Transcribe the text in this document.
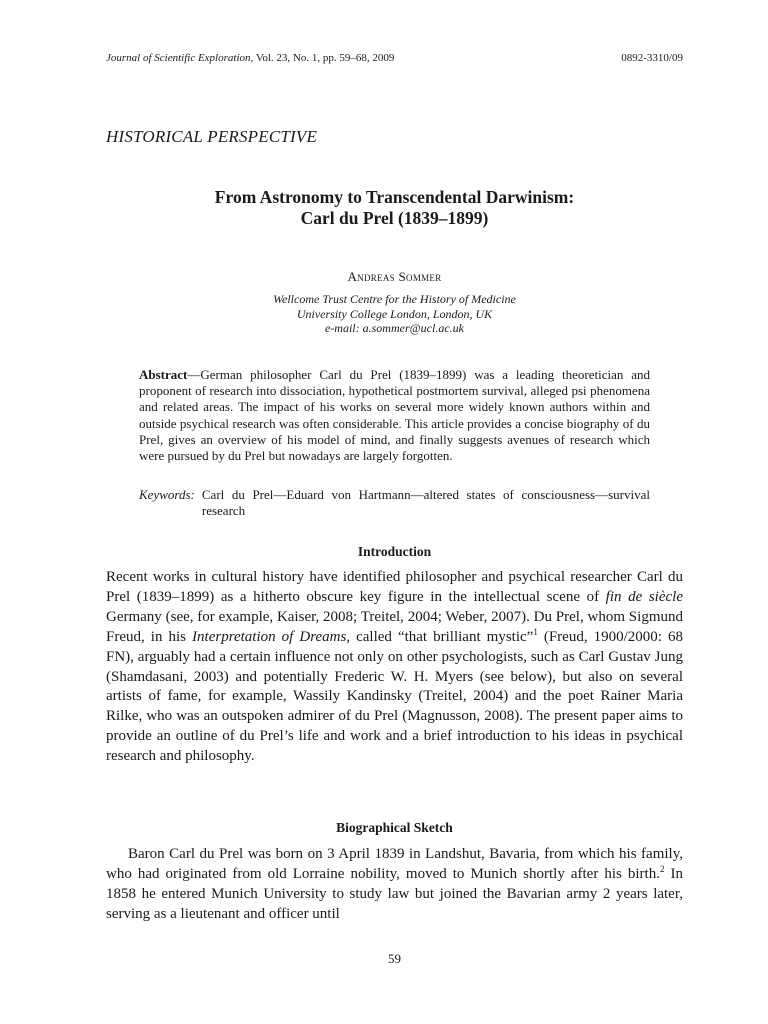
Journal of Scientific Exploration, Vol. 23, No. 1, pp. 59–68, 2009	0892-3310/09
HISTORICAL PERSPECTIVE
From Astronomy to Transcendental Darwinism:
Carl du Prel (1839–1899)
Andreas Sommer
Wellcome Trust Centre for the History of Medicine
University College London, London, UK
e-mail: a.sommer@ucl.ac.uk
Abstract—German philosopher Carl du Prel (1839–1899) was a leading theoretician and proponent of research into dissociation, hypothetical postmortem survival, alleged psi phenomena and related areas. The impact of his works on several more widely known authors within and outside psychical research was often considerable. This article provides a concise biography of du Prel, gives an overview of his model of mind, and finally suggests avenues of research which were pursued by du Prel but nowadays are largely forgotten.
Keywords: Carl du Prel—Eduard von Hartmann—altered states of consciousness—survival research
Introduction
Recent works in cultural history have identified philosopher and psychical researcher Carl du Prel (1839–1899) as a hitherto obscure key figure in the intellectual scene of fin de siècle Germany (see, for example, Kaiser, 2008; Treitel, 2004; Weber, 2007). Du Prel, whom Sigmund Freud, in his Interpretation of Dreams, called “that brilliant mystic”$^1$ (Freud, 1900/2000: 68 FN), arguably had a certain influence not only on other psychologists, such as Carl Gustav Jung (Shamdasani, 2003) and potentially Frederic W. H. Myers (see below), but also on several artists of fame, for example, Wassily Kandinsky (Treitel, 2004) and the poet Rainer Maria Rilke, who was an outspoken admirer of du Prel (Magnusson, 2008). The present paper aims to provide an outline of du Prel’s life and work and a brief introduction to his ideas in psychical research and philosophy.
Biographical Sketch
Baron Carl du Prel was born on 3 April 1839 in Landshut, Bavaria, from which his family, who had originated from old Lorraine nobility, moved to Munich shortly after his birth.$^2$ In 1858 he entered Munich University to study law but joined the Bavarian army 2 years later, serving as a lieutenant and officer until
59
